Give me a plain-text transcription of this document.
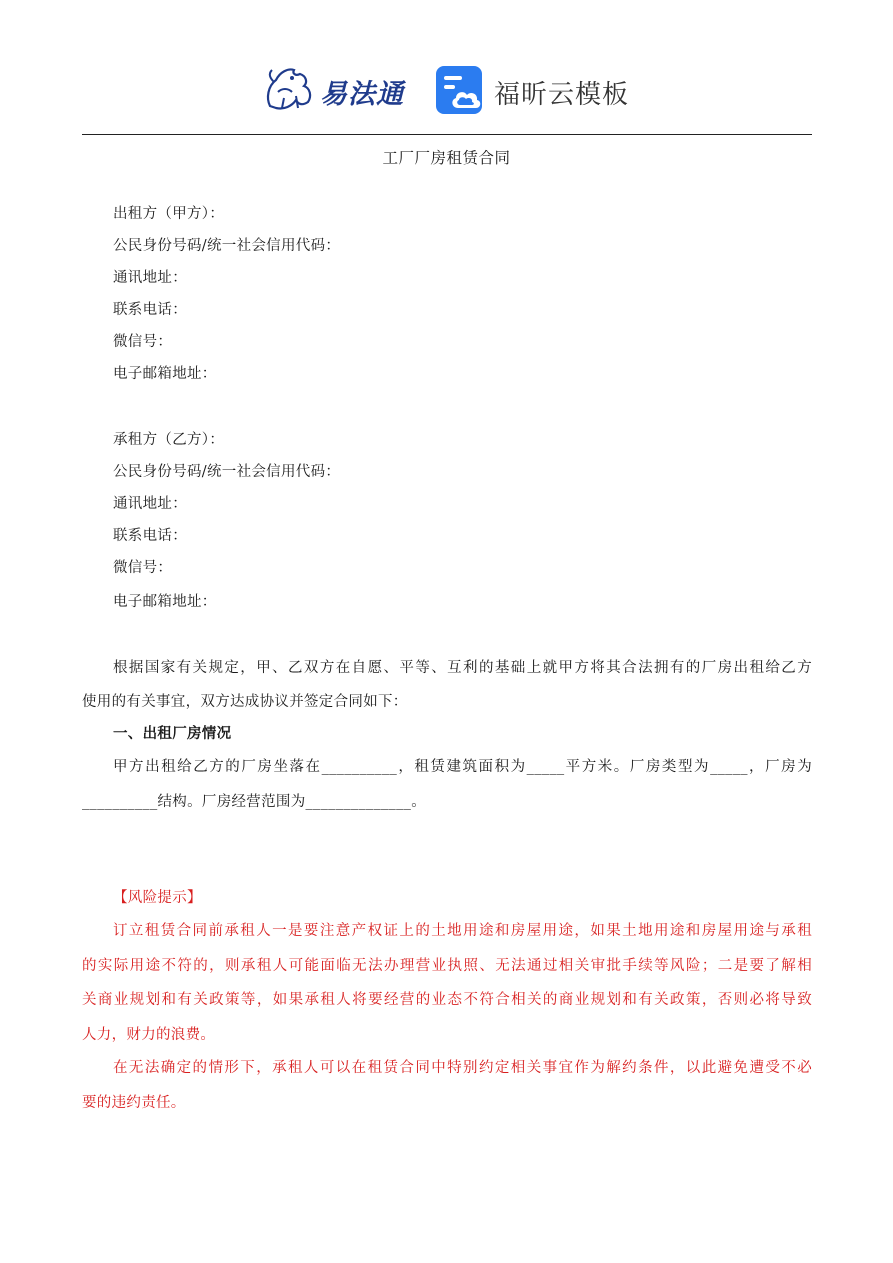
易法通	福昕云模板
工厂厂房租赁合同
出租方（甲方）：
公民身份号码/统一社会信用代码：
通讯地址：
联系电话：
微信号：
电子邮箱地址：
承租方（乙方）：
公民身份号码/统一社会信用代码：
通讯地址：
联系电话：
微信号：
电子邮箱地址：
根据国家有关规定，甲、乙双方在自愿、平等、互利的基础上就甲方将其合法拥有的厂房出租给乙方
使用的有关事宜，双方达成协议并签定合同如下：
一、出租厂房情况
甲方出租给乙方的厂房坐落在__________，租赁建筑面积为_____平方米。厂房类型为_____，厂房为
__________结构。厂房经营范围为______________。
【风险提示】
订立租赁合同前承租人一是要注意产权证上的土地用途和房屋用途，如果土地用途和房屋用途与承租
的实际用途不符的，则承租人可能面临无法办理营业执照、无法通过相关审批手续等风险；二是要了解相
关商业规划和有关政策等，如果承租人将要经营的业态不符合相关的商业规划和有关政策，否则必将导致
人力，财力的浪费。
在无法确定的情形下，承租人可以在租赁合同中特别约定相关事宜作为解约条件，以此避免遭受不必
要的违约责任。
